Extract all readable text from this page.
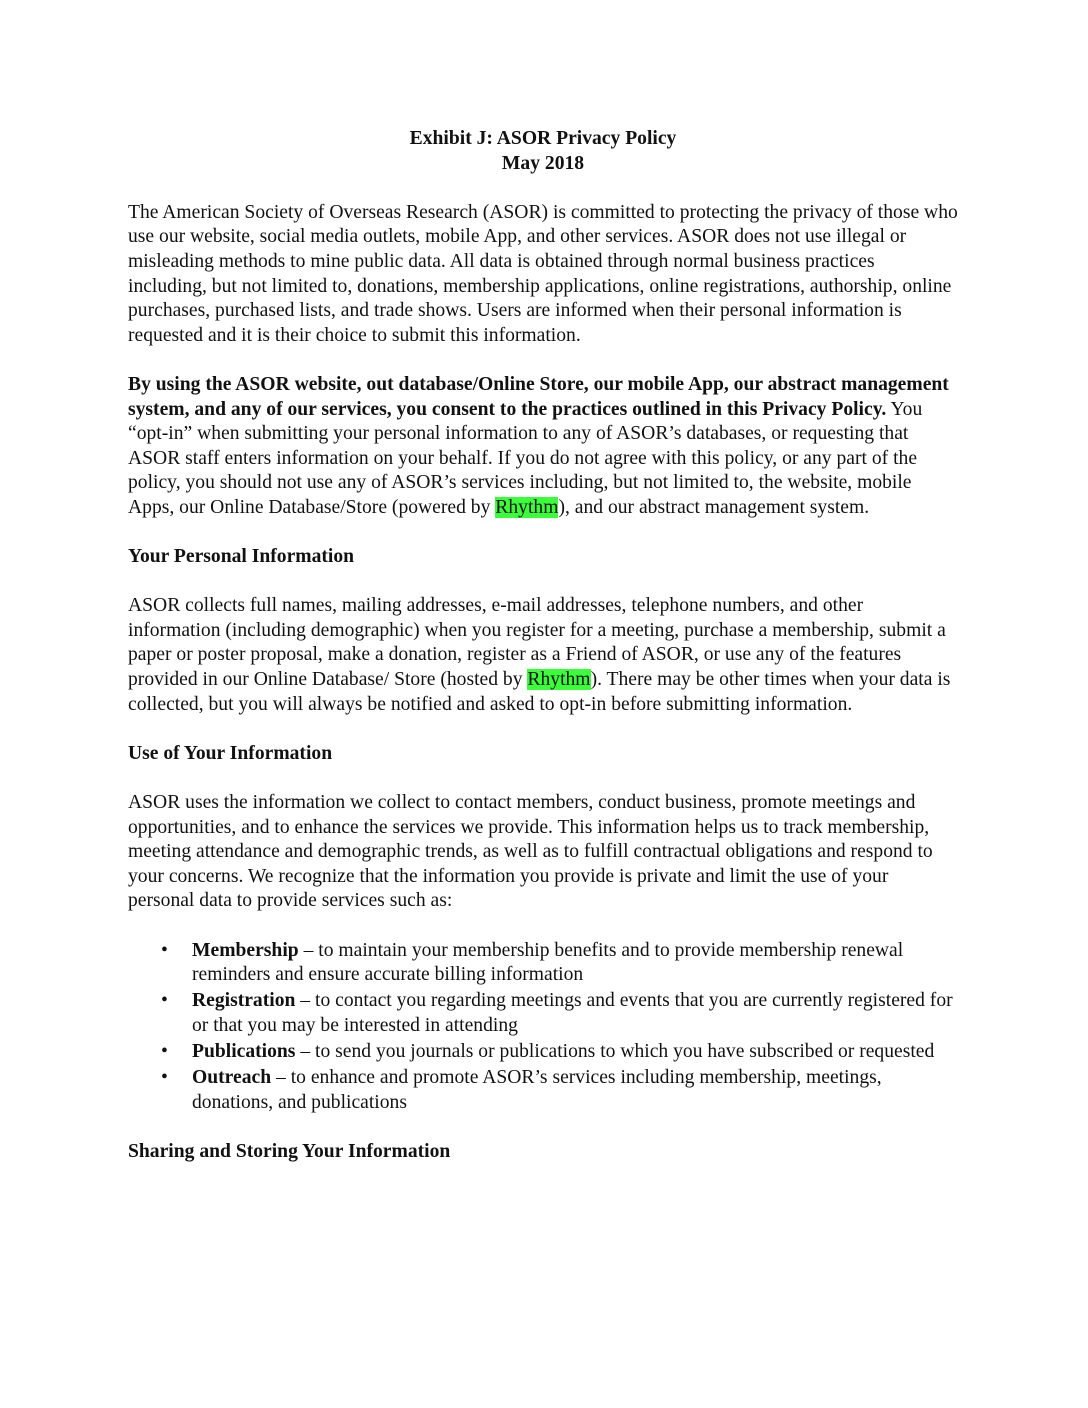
Exhibit J: ASOR Privacy Policy
May 2018

The American Society of Overseas Research (ASOR) is committed to protecting the privacy of those who use our website, social media outlets, mobile App, and other services. ASOR does not use illegal or misleading methods to mine public data. All data is obtained through normal business practices including, but not limited to, donations, membership applications, online registrations, authorship, online purchases, purchased lists, and trade shows. Users are informed when their personal information is requested and it is their choice to submit this information.

By using the ASOR website, out database/Online Store, our mobile App, our abstract management system, and any of our services, you consent to the practices outlined in this Privacy Policy. You “opt-in” when submitting your personal information to any of ASOR’s databases, or requesting that ASOR staff enters information on your behalf. If you do not agree with this policy, or any part of the policy, you should not use any of ASOR’s services including, but not limited to, the website, mobile Apps, our Online Database/Store (powered by Rhythm), and our abstract management system.

Your Personal Information

ASOR collects full names, mailing addresses, e-mail addresses, telephone numbers, and other information (including demographic) when you register for a meeting, purchase a membership, submit a paper or poster proposal, make a donation, register as a Friend of ASOR, or use any of the features provided in our Online Database/ Store (hosted by Rhythm). There may be other times when your data is collected, but you will always be notified and asked to opt-in before submitting information.

Use of Your Information

ASOR uses the information we collect to contact members, conduct business, promote meetings and opportunities, and to enhance the services we provide. This information helps us to track membership, meeting attendance and demographic trends, as well as to fulfill contractual obligations and respond to your concerns. We recognize that the information you provide is private and limit the use of your personal data to provide services such as:

• Membership – to maintain your membership benefits and to provide membership renewal reminders and ensure accurate billing information
• Registration – to contact you regarding meetings and events that you are currently registered for or that you may be interested in attending
• Publications – to send you journals or publications to which you have subscribed or requested
• Outreach – to enhance and promote ASOR’s services including membership, meetings, donations, and publications
Sharing and Storing Your Information
